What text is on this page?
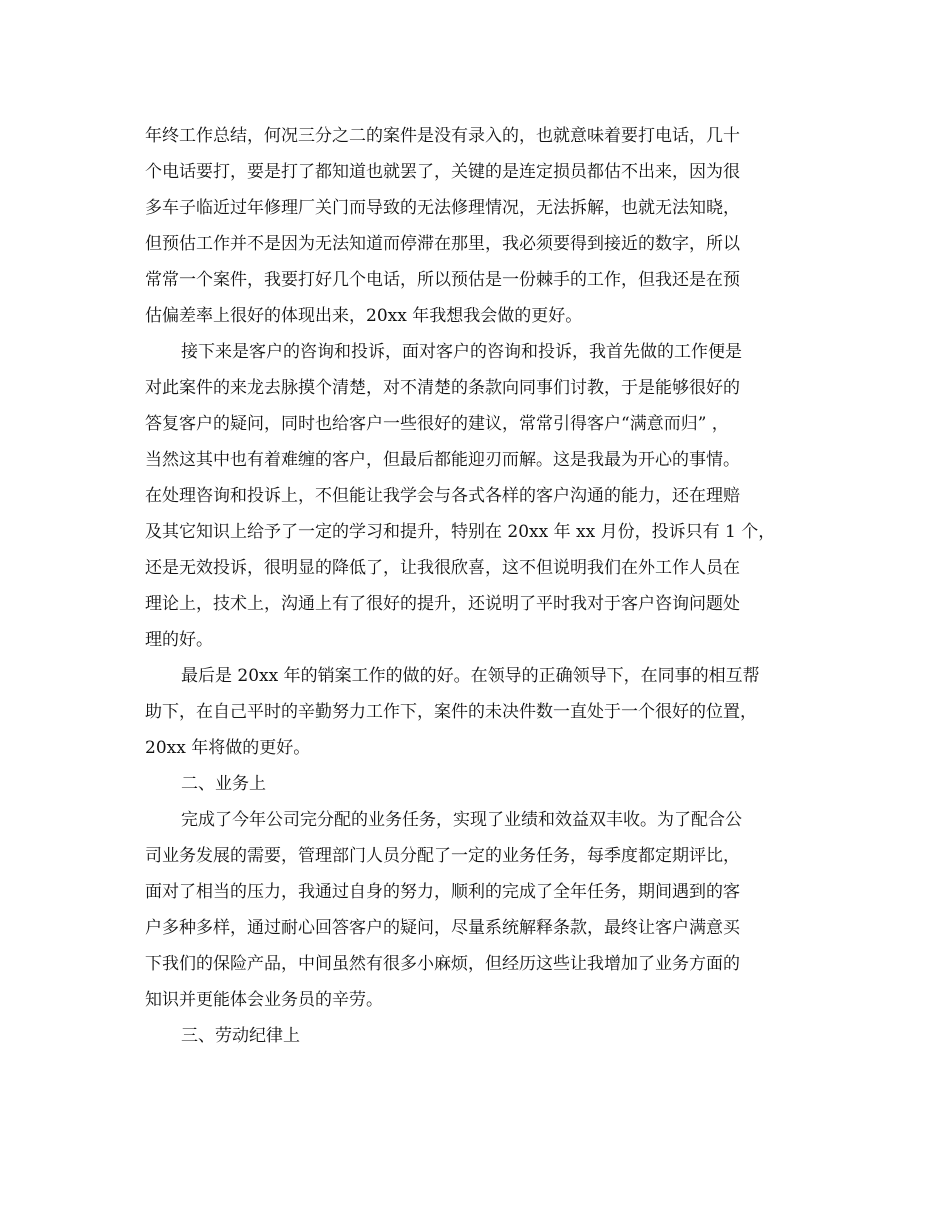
年终工作总结，何况三分之二的案件是没有录入的，也就意味着要打电话，几十
个电话要打，要是打了都知道也就罢了，关键的是连定损员都估不出来，因为很
多车子临近过年修理厂关门而导致的无法修理情况，无法拆解，也就无法知晓，
但预估工作并不是因为无法知道而停滞在那里，我必须要得到接近的数字，所以
常常一个案件，我要打好几个电话，所以预估是一份棘手的工作，但我还是在预
估偏差率上很好的体现出来，20xx 年我想我会做的更好。
接下来是客户的咨询和投诉，面对客户的咨询和投诉，我首先做的工作便是
对此案件的来龙去脉摸个清楚，对不清楚的条款向同事们讨教，于是能够很好的
答复客户的疑问，同时也给客户一些很好的建议，常常引得客户“满意而归” ，
当然这其中也有着难缠的客户，但最后都能迎刃而解。这是我最为开心的事情。
在处理咨询和投诉上，不但能让我学会与各式各样的客户沟通的能力，还在理赔
及其它知识上给予了一定的学习和提升，特别在 20xx 年 xx 月份，投诉只有 1 个，
还是无效投诉，很明显的降低了，让我很欣喜，这不但说明我们在外工作人员在
理论上，技术上，沟通上有了很好的提升，还说明了平时我对于客户咨询问题处
理的好。
最后是 20xx 年的销案工作的做的好。在领导的正确领导下，在同事的相互帮
助下，在自己平时的辛勤努力工作下，案件的未决件数一直处于一个很好的位置，
20xx 年将做的更好。
二、业务上
完成了今年公司完分配的业务任务，实现了业绩和效益双丰收。为了配合公
司业务发展的需要，管理部门人员分配了一定的业务任务，每季度都定期评比，
面对了相当的压力，我通过自身的努力，顺利的完成了全年任务，期间遇到的客
户多种多样，通过耐心回答客户的疑问，尽量系统解释条款，最终让客户满意买
下我们的保险产品，中间虽然有很多小麻烦，但经历这些让我增加了业务方面的
知识并更能体会业务员的辛劳。
三、劳动纪律上
